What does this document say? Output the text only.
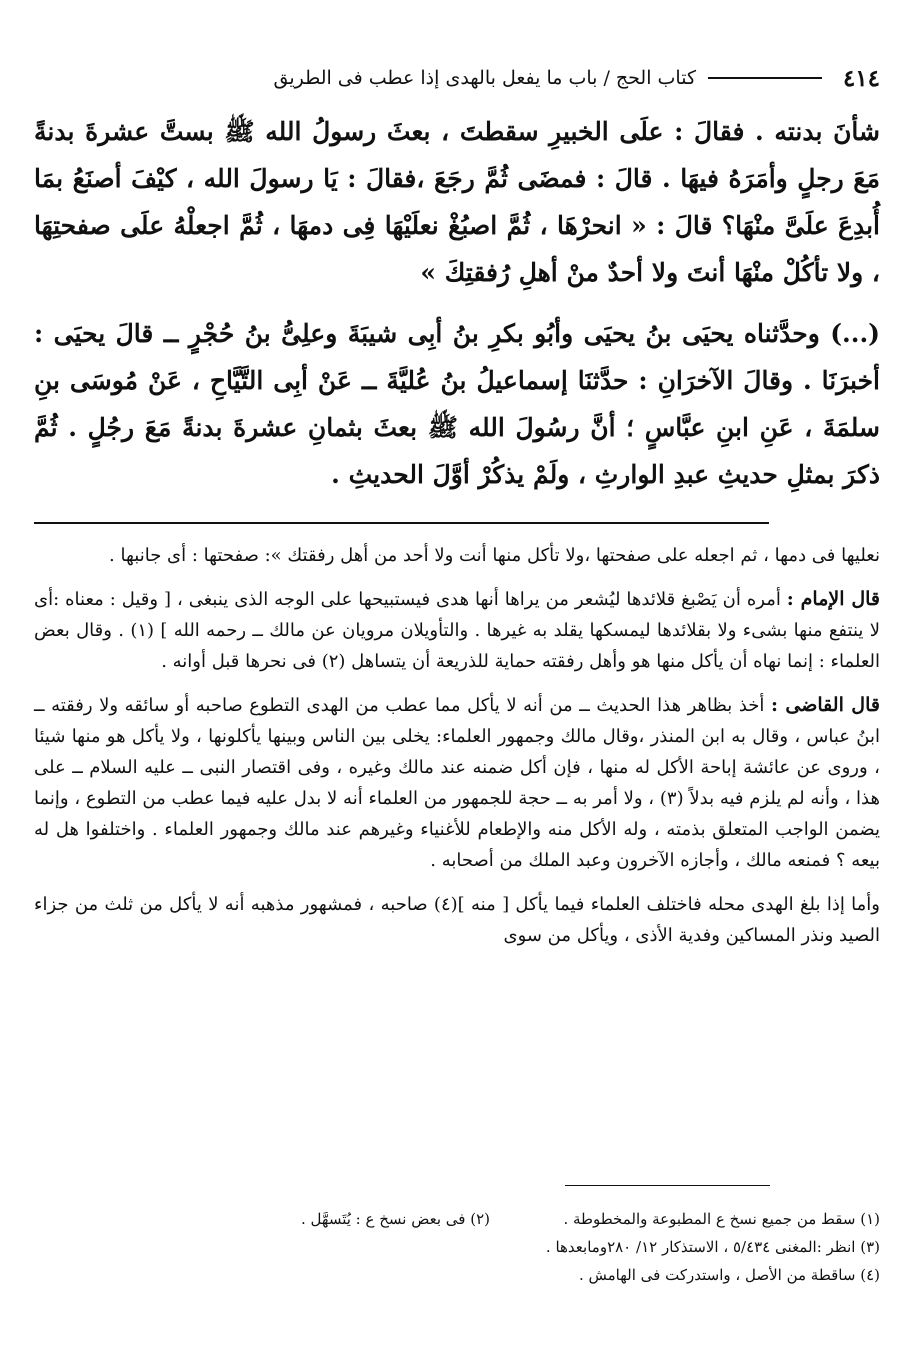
٤١٤
كتاب الحج / باب ما يفعل بالهدى إذا عطب فى الطريق

شأنَ بدنته . فقالَ : علَى الخبيرِ سقطتَ ، بعثَ رسولُ الله ﷺ بستَّ عشرةَ بدنةً مَعَ رجلٍ وأمَرَهُ فيهَا . قالَ : فمضَى ثُمَّ رجَعَ ،فقالَ : يَا رسولَ الله ، كيْفَ أصنَعُ بمَا أُبدِعَ علَىَّ منْهَا؟ قالَ : « انحرْهَا ، ثُمَّ اصبُغْ نعلَيْهَا فِى دمهَا ، ثُمَّ اجعلْهُ علَى صفحتِهَا ، ولا تأكُلْ منْهَا أنتَ ولا أحدٌ منْ أهلِ رُفقتِكَ »

(...) وحدَّثناه يحيَى بنُ يحيَى وأبُو بكرِ بنُ أبِى شيبَةَ وعلِىُّ بنُ حُجْرٍ ــ قالَ يحيَى : أخبرَنَا . وقالَ الآخرَانِ : حدَّثنَا إسماعيلُ بنُ عُليَّةَ ــ عَنْ أبِى التَّيَّاحِ ، عَنْ مُوسَى بنِ سلمَةَ ، عَنِ ابنِ عبَّاسٍ ؛ أنَّ رسُولَ الله ﷺ بعثَ بثمانِ عشرةَ بدنةً مَعَ رجُلٍ . ثُمَّ ذكرَ بمثلِ حديثِ عبدِ الوارثِ ، ولَمْ يذكُرْ أوَّلَ الحديثِ .

نعليها فى دمها ، ثم اجعله على صفحتها ،ولا تأكل منها أنت ولا أحد من أهل رفقتك »: صفحتها : أى جانبها .

قال الإمام : أمره أن يَصْبغ قلائدها ليُشعر من يراها أنها هدى فيستبيحها على الوجه الذى ينبغى ، [ وقيل : معناه :أى لا ينتفع منها بشىء ولا بقلائدها ليمسكها يقلد به غيرها . والتأويلان مرويان عن مالك ــ رحمه الله ] (١) . وقال بعض العلماء : إنما نهاه أن يأكل منها هو وأهل رفقته حماية للذريعة أن يتساهل (٢) فى نحرها قبل أوانه .

قال القاضى : أخذ بظاهر هذا الحديث ــ من أنه لا يأكل مما عطب من الهدى التطوع صاحبه أو سائقه ولا رفقته ــ ابنُ عباس ، وقال به ابن المنذر ،وقال مالك وجمهور العلماء: يخلى بين الناس وبينها يأكلونها ، ولا يأكل هو منها شيئا ، وروى عن عائشة إباحة الأكل له منها ، فإن أكل ضمنه عند مالك وغيره ، وفى اقتصار النبى ــ عليه السلام ــ على هذا ، وأنه لم يلزم فيه بدلاً (٣) ، ولا أمر به ــ حجة للجمهور من العلماء أنه لا بدل عليه فيما عطب من التطوع ، وإنما يضمن الواجب المتعلق بذمته ، وله الأكل منه والإطعام للأغنياء وغيرهم عند مالك وجمهور العلماء . واختلفوا هل له بيعه ؟ فمنعه مالك ، وأجازه الآخرون وعبد الملك من أصحابه .

وأما إذا بلغ الهدى محله فاختلف العلماء فيما يأكل [ منه ](٤) صاحبه ، فمشهور مذهبه أنه لا يأكل من ثلث من جزاء الصيد ونذر المساكين وفدية الأذى ، ويأكل من سوى

(١) سقط من جميع نسخ ع المطبوعة والمخطوطة .
(٢) فى بعض نسخ ع : يُتَسهَّل .
(٣) انظر :المغنى ٥/٤٣٤ ، الاستذكار ١٢/ ٢٨٠ومابعدها .
(٤) ساقطة من الأصل ، واستدركت فى الهامش .
